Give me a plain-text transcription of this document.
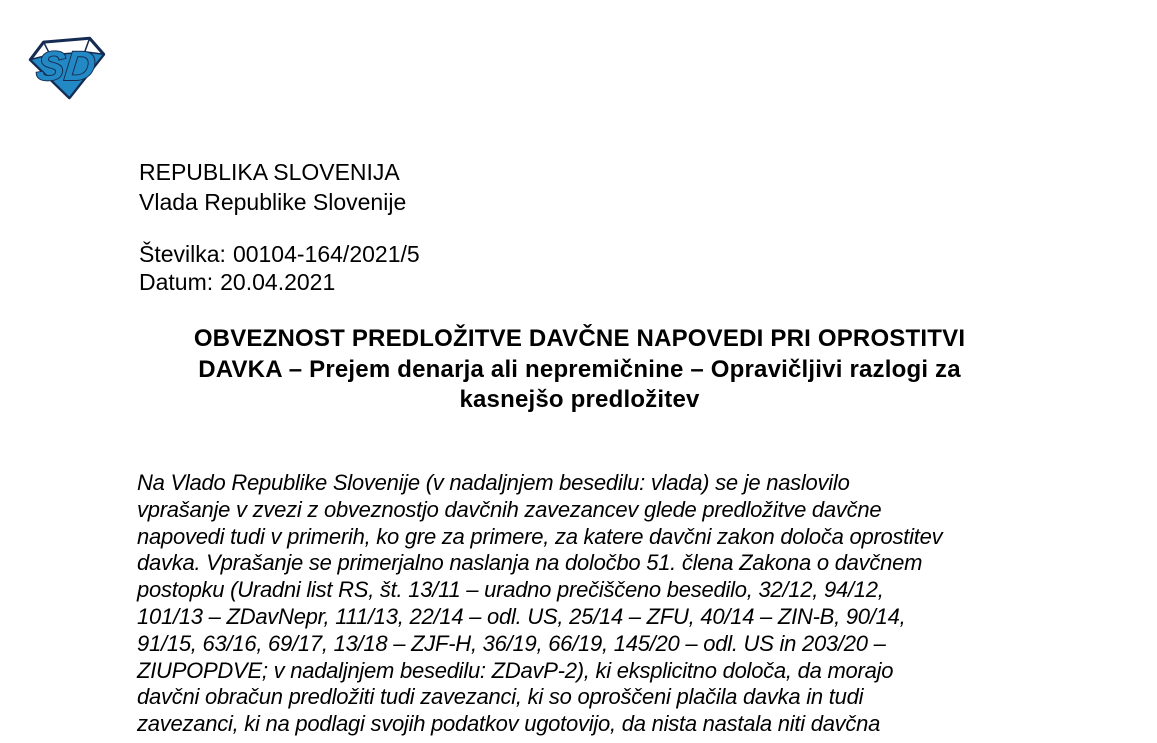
SD
REPUBLIKA SLOVENIJA
Vlada Republike Slovenije
Številka: 00104-164/2021/5
Datum: 20.04.2021
OBVEZNOST PREDLOŽITVE DAVČNE NAPOVEDI PRI OPROSTITVI
DAVKA – Prejem denarja ali nepremičnine – Opravičljivi razlogi za
kasnejšo predložitev
Na Vlado Republike Slovenije (v nadaljnjem besedilu: vlada) se je naslovilo
vprašanje v zvezi z obveznostjo davčnih zavezancev glede predložitve davčne
napovedi tudi v primerih, ko gre za primere, za katere davčni zakon določa oprostitev
davka. Vprašanje se primerjalno naslanja na določbo 51. člena Zakona o davčnem
postopku (Uradni list RS, št. 13/11 – uradno prečiščeno besedilo, 32/12, 94/12,
101/13 – ZDavNepr, 111/13, 22/14 – odl. US, 25/14 – ZFU, 40/14 – ZIN-B, 90/14,
91/15, 63/16, 69/17, 13/18 – ZJF-H, 36/19, 66/19, 145/20 – odl. US in 203/20 –
ZIUPOPDVE; v nadaljnjem besedilu: ZDavP-2), ki eksplicitno določa, da morajo
davčni obračun predložiti tudi zavezanci, ki so oproščeni plačila davka in tudi
zavezanci, ki na podlagi svojih podatkov ugotovijo, da nista nastala niti davčna
